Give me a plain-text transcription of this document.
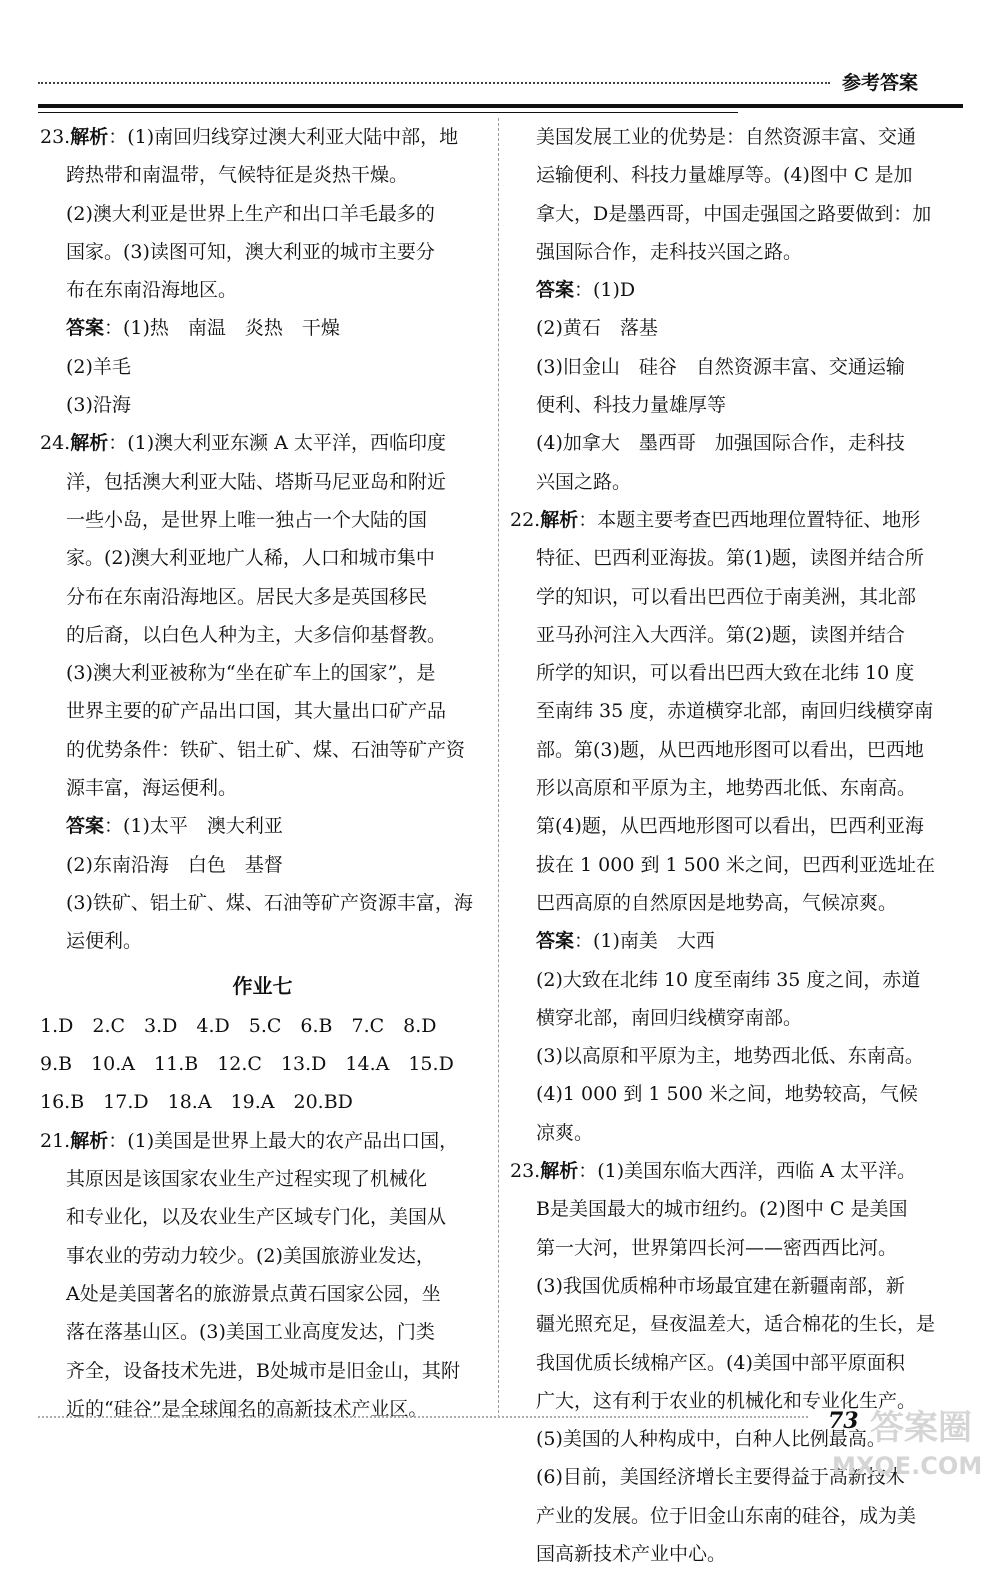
参考答案
23.解析：(1)南回归线穿过澳大利亚大陆中部，地
跨热带和南温带，气候特征是炎热干燥。
(2)澳大利亚是世界上生产和出口羊毛最多的
国家。(3)读图可知，澳大利亚的城市主要分
布在东南沿海地区。
答案：(1)热　南温　炎热　干燥
(2)羊毛
(3)沿海
24.解析：(1)澳大利亚东濒 A 太平洋，西临印度
洋，包括澳大利亚大陆、塔斯马尼亚岛和附近
一些小岛，是世界上唯一独占一个大陆的国
家。(2)澳大利亚地广人稀，人口和城市集中
分布在东南沿海地区。居民大多是英国移民
的后裔，以白色人种为主，大多信仰基督教。
(3)澳大利亚被称为“坐在矿车上的国家”，是
世界主要的矿产品出口国，其大量出口矿产品
的优势条件：铁矿、铝土矿、煤、石油等矿产资
源丰富，海运便利。
答案：(1)太平　澳大利亚
(2)东南沿海　白色　基督
(3)铁矿、铝土矿、煤、石油等矿产资源丰富，海
运便利。
作业七
1.D　2.C　3.D　4.D　5.C　6.B　7.C　8.D
9.B　10.A　11.B　12.C　13.D　14.A　15.D
16.B　17.D　18.A　19.A　20.BD
21.解析：(1)美国是世界上最大的农产品出口国，
其原因是该国家农业生产过程实现了机械化
和专业化，以及农业生产区域专门化，美国从
事农业的劳动力较少。(2)美国旅游业发达，
A处是美国著名的旅游景点黄石国家公园，坐
落在落基山区。(3)美国工业高度发达，门类
齐全，设备技术先进，B处城市是旧金山，其附
近的“硅谷”是全球闻名的高新技术产业区。
美国发展工业的优势是：自然资源丰富、交通
运输便利、科技力量雄厚等。(4)图中 C 是加
拿大，D是墨西哥，中国走强国之路要做到：加
强国际合作，走科技兴国之路。
答案：(1)D
(2)黄石　落基
(3)旧金山　硅谷　自然资源丰富、交通运输
便利、科技力量雄厚等
(4)加拿大　墨西哥　加强国际合作，走科技
兴国之路。
22.解析：本题主要考查巴西地理位置特征、地形
特征、巴西利亚海拔。第(1)题，读图并结合所
学的知识，可以看出巴西位于南美洲，其北部
亚马孙河注入大西洋。第(2)题，读图并结合
所学的知识，可以看出巴西大致在北纬 10 度
至南纬 35 度，赤道横穿北部，南回归线横穿南
部。第(3)题，从巴西地形图可以看出，巴西地
形以高原和平原为主，地势西北低、东南高。
第(4)题，从巴西地形图可以看出，巴西利亚海
拔在 1 000 到 1 500 米之间，巴西利亚选址在
巴西高原的自然原因是地势高，气候凉爽。
答案：(1)南美　大西
(2)大致在北纬 10 度至南纬 35 度之间，赤道
横穿北部，南回归线横穿南部。
(3)以高原和平原为主，地势西北低、东南高。
(4)1 000 到 1 500 米之间，地势较高，气候
凉爽。
23.解析：(1)美国东临大西洋，西临 A 太平洋。
B是美国最大的城市纽约。(2)图中 C 是美国
第一大河，世界第四长河——密西西比河。
(3)我国优质棉种市场最宜建在新疆南部，新
疆光照充足，昼夜温差大，适合棉花的生长，是
我国优质长绒棉产区。(4)美国中部平原面积
广大，这有利于农业的机械化和专业化生产。
(5)美国的人种构成中，白种人比例最高。
(6)目前，美国经济增长主要得益于高新技术
产业的发展。位于旧金山东南的硅谷，成为美
国高新技术产业中心。
73 答案圈
MXQE.COM
